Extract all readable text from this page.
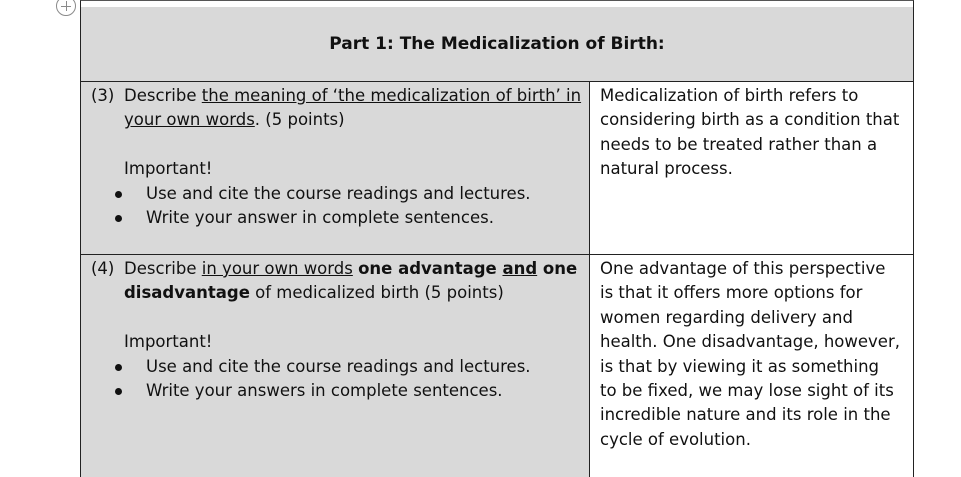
Part 1: The Medicalization of Birth:
(3) Describe the meaning of ‘the medicalization of birth’ in your own words. (5 points)
Important!
Use and cite the course readings and lectures.
Write your answer in complete sentences.
Medicalization of birth refers to considering birth as a condition that needs to be treated rather than a natural process.
(4) Describe in your own words one advantage and one disadvantage of medicalized birth (5 points)
Important!
Use and cite the course readings and lectures.
Write your answers in complete sentences.
One advantage of this perspective is that it offers more options for women regarding delivery and health. One disadvantage, however, is that by viewing it as something to be fixed, we may lose sight of its incredible nature and its role in the cycle of evolution.
